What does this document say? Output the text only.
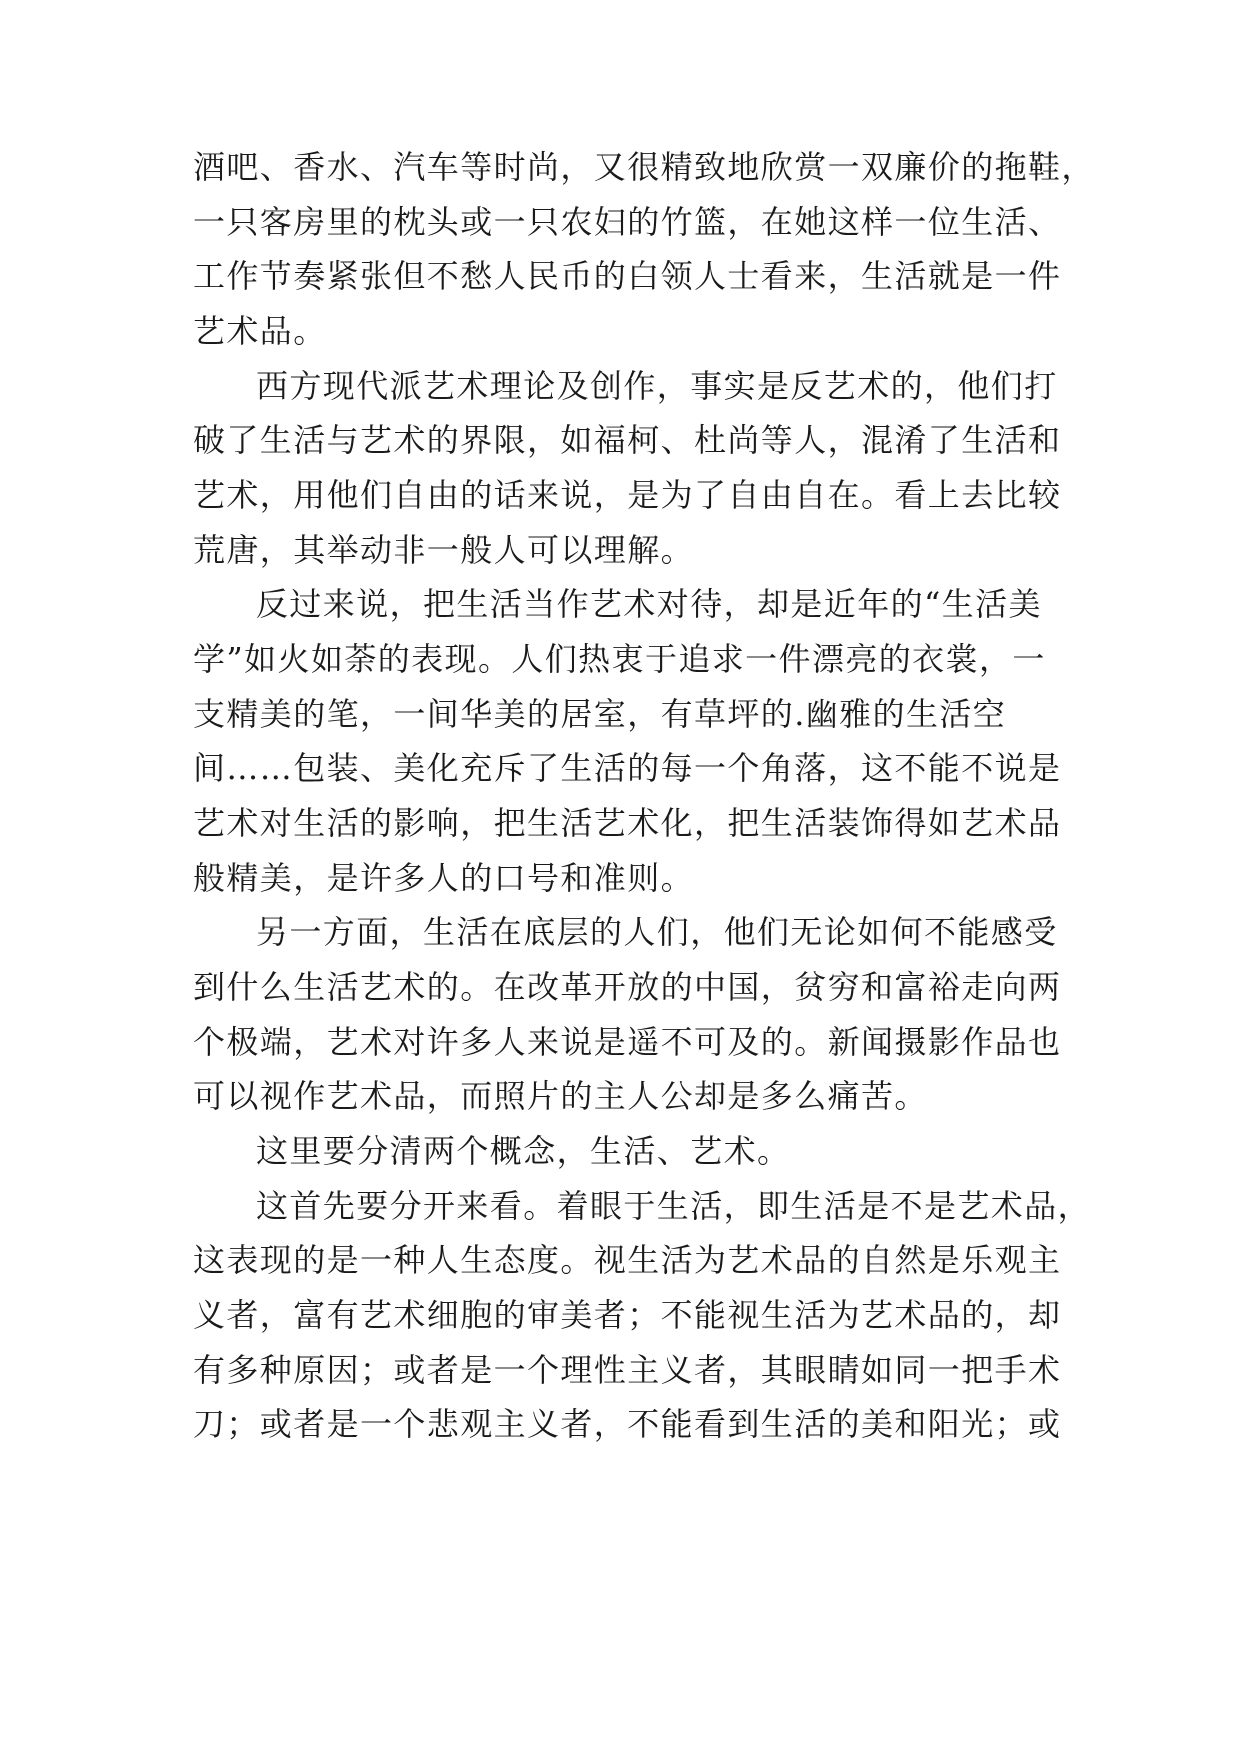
酒吧、香水、汽车等时尚，又很精致地欣赏一双廉价的拖鞋，
一只客房里的枕头或一只农妇的竹篮，在她这样一位生活、
工作节奏紧张但不愁人民币的白领人士看来，生活就是一件
艺术品。
西方现代派艺术理论及创作，事实是反艺术的，他们打
破了生活与艺术的界限，如福柯、杜尚等人，混淆了生活和
艺术，用他们自由的话来说，是为了自由自在。看上去比较
荒唐，其举动非一般人可以理解。
反过来说，把生活当作艺术对待，却是近年的“生活美
学”如火如荼的表现。人们热衷于追求一件漂亮的衣裳，一
支精美的笔，一间华美的居室，有草坪的.幽雅的生活空
间……包装、美化充斥了生活的每一个角落，这不能不说是
艺术对生活的影响，把生活艺术化，把生活装饰得如艺术品
般精美，是许多人的口号和准则。
另一方面，生活在底层的人们，他们无论如何不能感受
到什么生活艺术的。在改革开放的中国，贫穷和富裕走向两
个极端，艺术对许多人来说是遥不可及的。新闻摄影作品也
可以视作艺术品，而照片的主人公却是多么痛苦。
这里要分清两个概念，生活、艺术。
这首先要分开来看。着眼于生活，即生活是不是艺术品，
这表现的是一种人生态度。视生活为艺术品的自然是乐观主
义者，富有艺术细胞的审美者；不能视生活为艺术品的，却
有多种原因；或者是一个理性主义者，其眼睛如同一把手术
刀；或者是一个悲观主义者，不能看到生活的美和阳光；或
